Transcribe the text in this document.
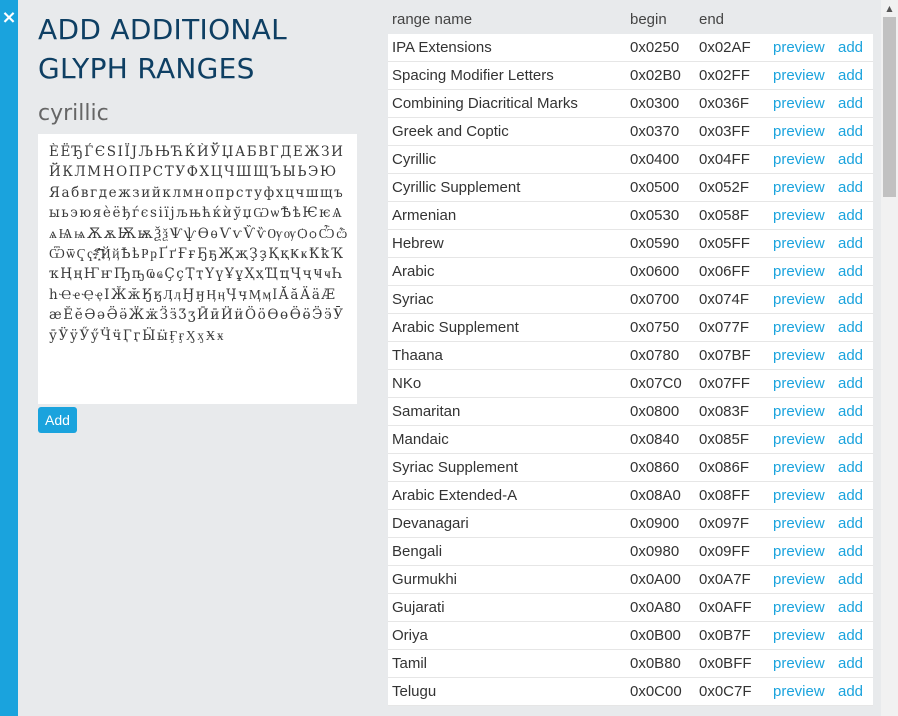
× ADD ADDITIONAL
GLYPH RANGES
cyrillic
ЀЁЂЃЄЅІЇЈЉЊЋЌЍЎЏАБВГДЕЖЗИЙКЛМНОПРСТУФХЦЧШЩЪЫЬЭЮЯабвгдежзийклмнопрстуфхцчшщъыьэюяѐёђѓєѕіїјљњћќѝўџѠѡѢѣѤѥѦѧѨѩѪѫѬѭѮѯѰѱѲѳѴѵѶѷѸѹѺѻѼѽѾѿҀҁ҂҃҄҅҆҇҈҉ҊҋҌҍҎҏҐґҒғҔҕҖҗҘҙҚқҜҝҞҟҠҡҢңҤҥҦҧҨҩҪҫҬҭҮүҰұҲҳҴҵҶҷҸҹҺһҼҽҾҿӀӁӂӃӄӅӆӇӈӉӊӋӌӍӎӏӐӑӒӓӔӕӖӗӘәӚӛӜӝӞӟӠӡӢӣӤӥӦӧӨөӪӫӬӭӮӯӰӱӲӳӴӵӶӷӸӹӺӻӼӽӾӿ
Add
range name	begin end
IPA Extensions	0x0250 0x02AF preview add
Spacing Modifier Letters	0x02B0 0x02FF preview add
Combining Diacritical Marks	0x0300 0x036F preview add
Greek and Coptic	0x0370 0x03FF preview add
Cyrillic	0x0400 0x04FF preview add
Cyrillic Supplement	0x0500 0x052F preview add
Armenian	0x0530 0x058F preview add
Hebrew	0x0590 0x05FF preview add
Arabic	0x0600 0x06FF preview add
Syriac	0x0700 0x074F preview add
Arabic Supplement	0x0750 0x077F preview add
Thaana	0x0780 0x07BF preview add
NKo	0x07C0 0x07FF preview add
Samaritan	0x0800 0x083F preview add
Mandaic	0x0840 0x085F preview add
Syriac Supplement	0x0860 0x086F preview add
Arabic Extended-A	0x08A0 0x08FF preview add
Devanagari	0x0900 0x097F preview add
Bengali	0x0980 0x09FF preview add
Gurmukhi	0x0A00 0x0A7F preview add
Gujarati	0x0A80 0x0AFF preview add
Oriya	0x0B00 0x0B7F preview add
Tamil	0x0B80 0x0BFF preview add
Telugu	0x0C00 0x0C7F preview add
▲
